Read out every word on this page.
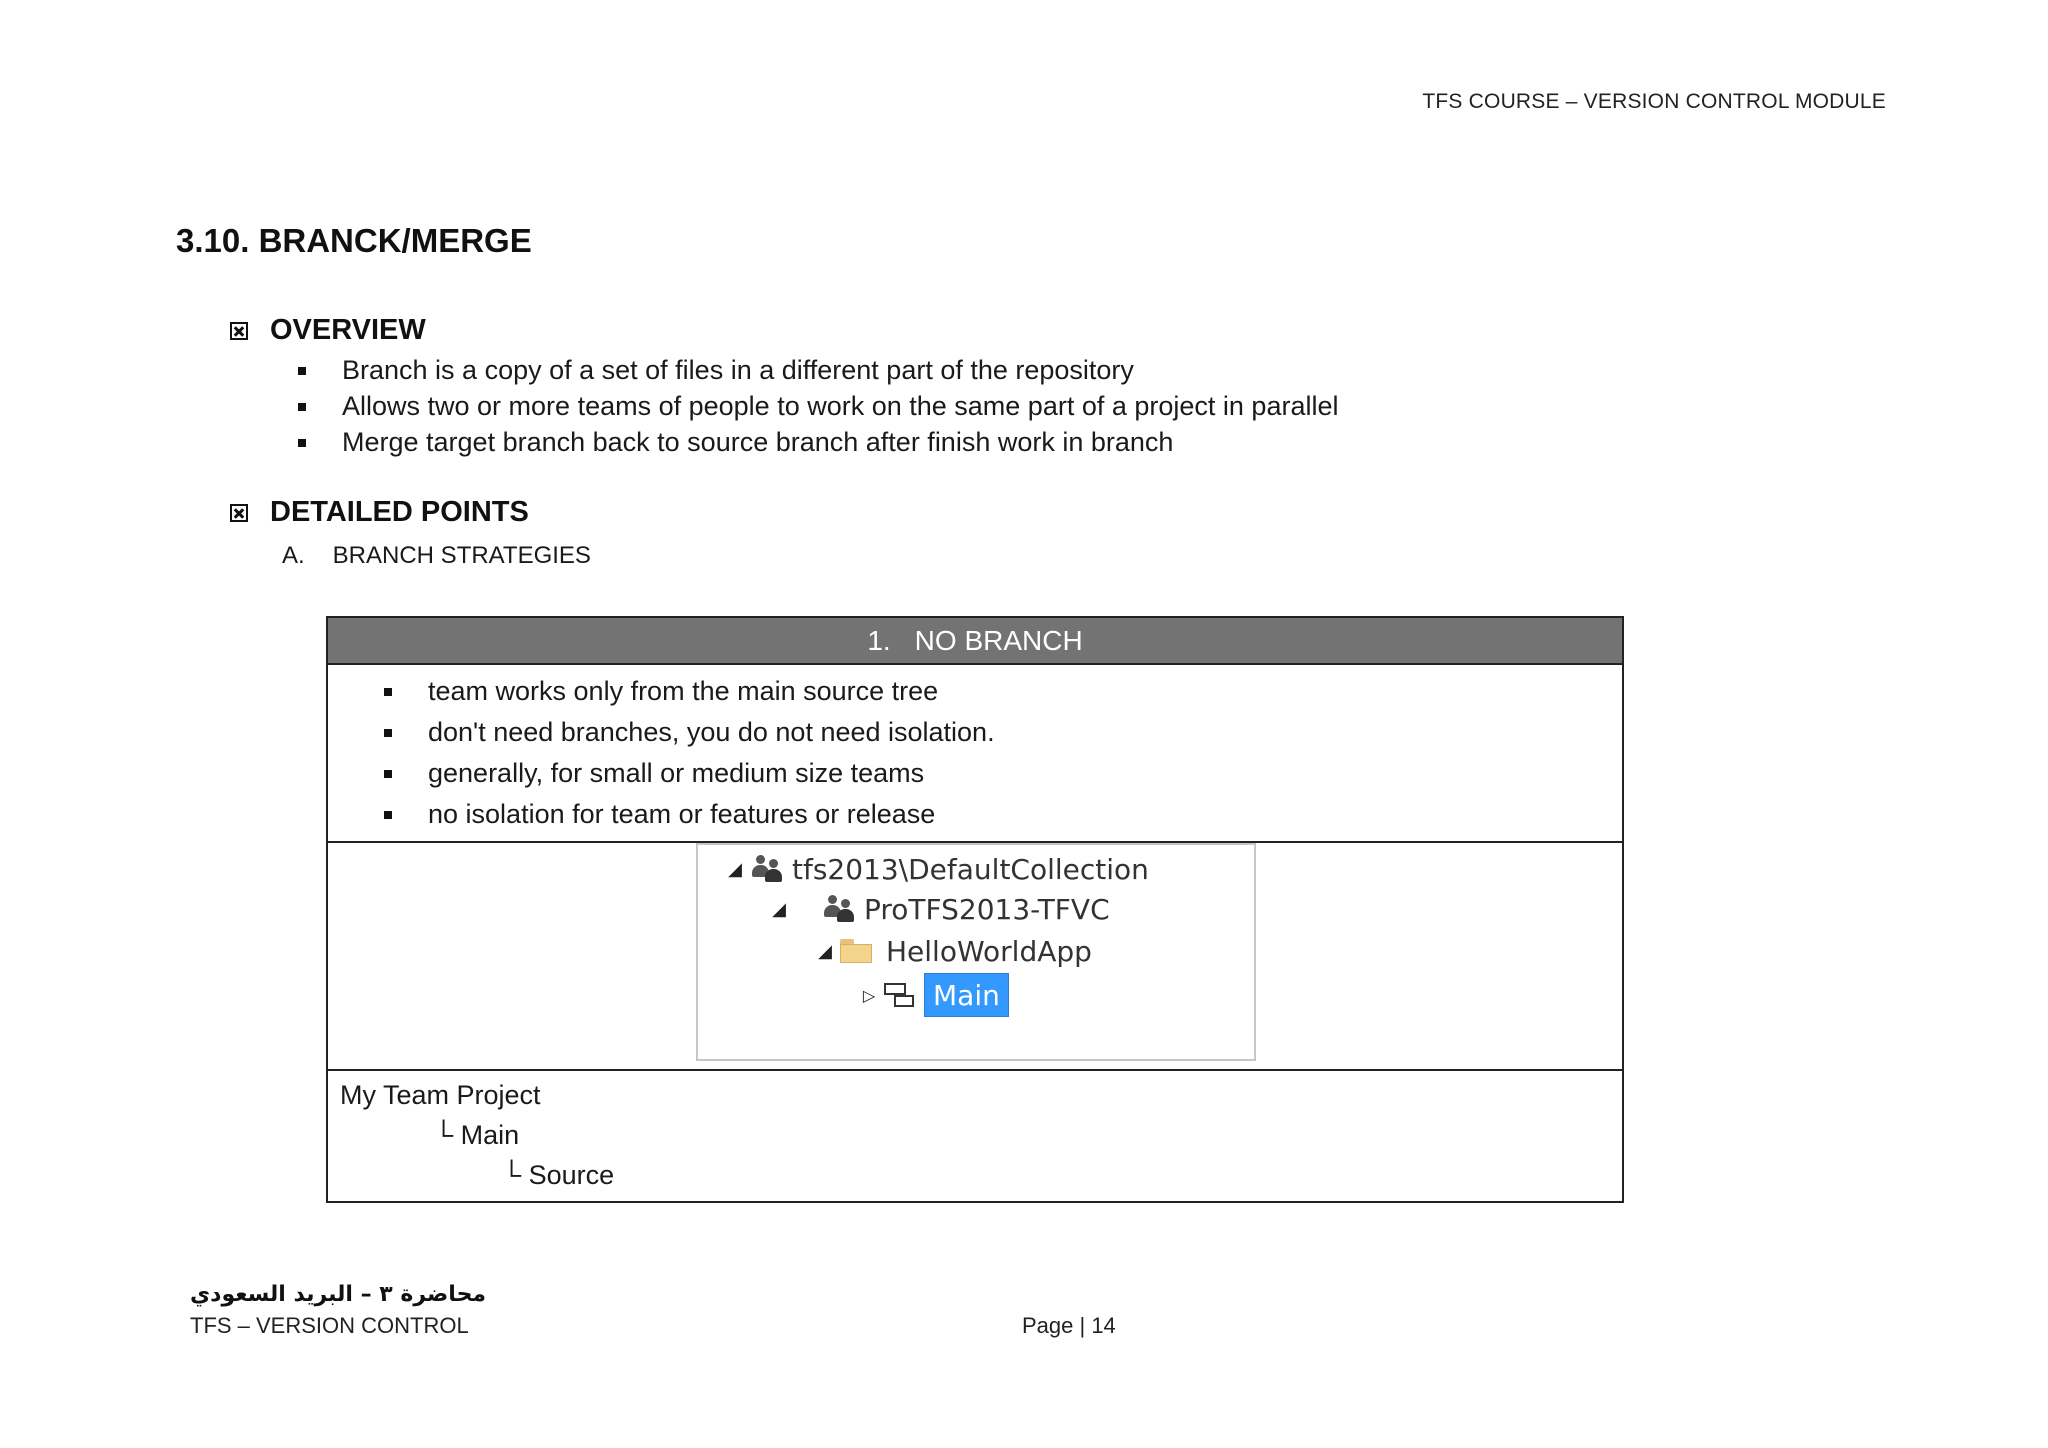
TFS COURSE – VERSION CONTROL MODULE
3.10. BRANCK/MERGE
OVERVIEW
Branch is a copy of a set of files in a different part of the repository
Allows two or more teams of people to work on the same part of a project in parallel
Merge target branch back to source branch after finish work in branch
DETAILED POINTS
A. BRANCH STRATEGIES
1. NO BRANCH
team works only from the main source tree
don't need branches, you do not need isolation.
generally, for small or medium size teams
no isolation for team or features or release
◢ tfs2013\DefaultCollection
◢	ProTFS2013-TFVC
◢ HelloWorldApp
▷	Main
My Team Project
└ Main
└ Source
محاضرة ٣ – البريد السعودي
TFS – VERSION CONTROL	Page | 14
